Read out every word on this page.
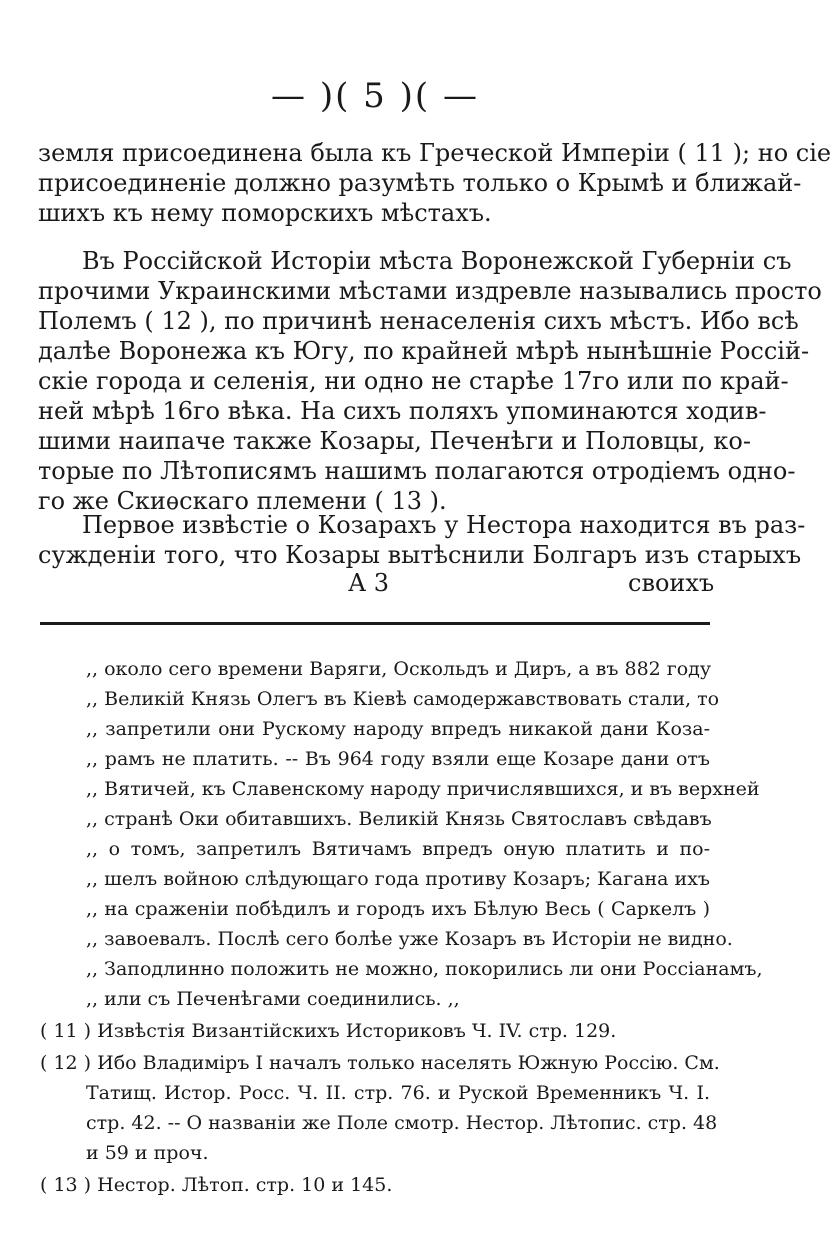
— )( 5 )( —
земля присоединена была къ Греческой Имперіи ( 11 ); но сіе
присоединеніе должно разумѣть только о Крымѣ и ближай-
шихъ къ нему поморскихъ мѣстахъ.
Въ Россійской Исторіи мѣста Воронежской Губерніи съ
прочими Украинскими мѣстами издревле назывались просто
Полемъ ( 12 ), по причинѣ ненаселенія сихъ мѣстъ. Ибо всѣ
далѣе Воронежа къ Югу, по крайней мѣрѣ нынѣшніе Россій-
скіе города и селенія, ни одно не старѣе 17го или по край-
ней мѣрѣ 16го вѣка. На сихъ поляхъ упоминаются ходив-
шими наипаче также Козары, Печенѣги и Половцы, ко-
торые по Лѣтописямъ нашимъ полагаются отродіемъ одно-
го же Скиѳскаго племени ( 13 ).
Первое извѣстіе о Козарахъ у Нестора находится въ раз-
сужденіи того, что Козары вытѣснили Болгаръ изъ старыхъ
А 3	своихъ
,, около сего времени Варяги, Оскольдъ и Диръ, а въ 882 году
,, Великій Князь Олегъ въ Кіевѣ самодержавствовать стали, то
,, запретили они Рускому народу впредъ никакой дани Коза-
,, рамъ не платить. -- Въ 964 году взяли еще Козаре дани отъ
,, Вятичей, къ Славенскому народу причислявшихся, и въ верхней
,, странѣ Оки обитавшихъ. Великій Князь Святославъ свѣдавъ
,, о томъ, запретилъ Вятичамъ впредъ оную платить и по-
,, шелъ войною слѣдующаго года противу Козаръ; Кагана ихъ
,, на сраженіи побѣдилъ и городъ ихъ Бѣлую Весь ( Саркелъ )
,, завоевалъ. Послѣ сего болѣе уже Козаръ въ Исторіи не видно.
,, Заподлинно положить не можно, покорились ли они Россіанамъ,
,, или съ Печенѣгами соединились. ,,
( 11 ) Извѣстія Византійскихъ Историковъ Ч. IV. стр. 129.
( 12 ) Ибо Владиміръ I началъ только населять Южную Россію. См.
Татищ. Истор. Росс. Ч. II. стр. 76. и Руской Временникъ Ч. I.
стр. 42. -- О названіи же Поле смотр. Нестор. Лѣтопис. стр. 48
и 59 и проч.
( 13 ) Нестор. Лѣтоп. стр. 10 и 145.
